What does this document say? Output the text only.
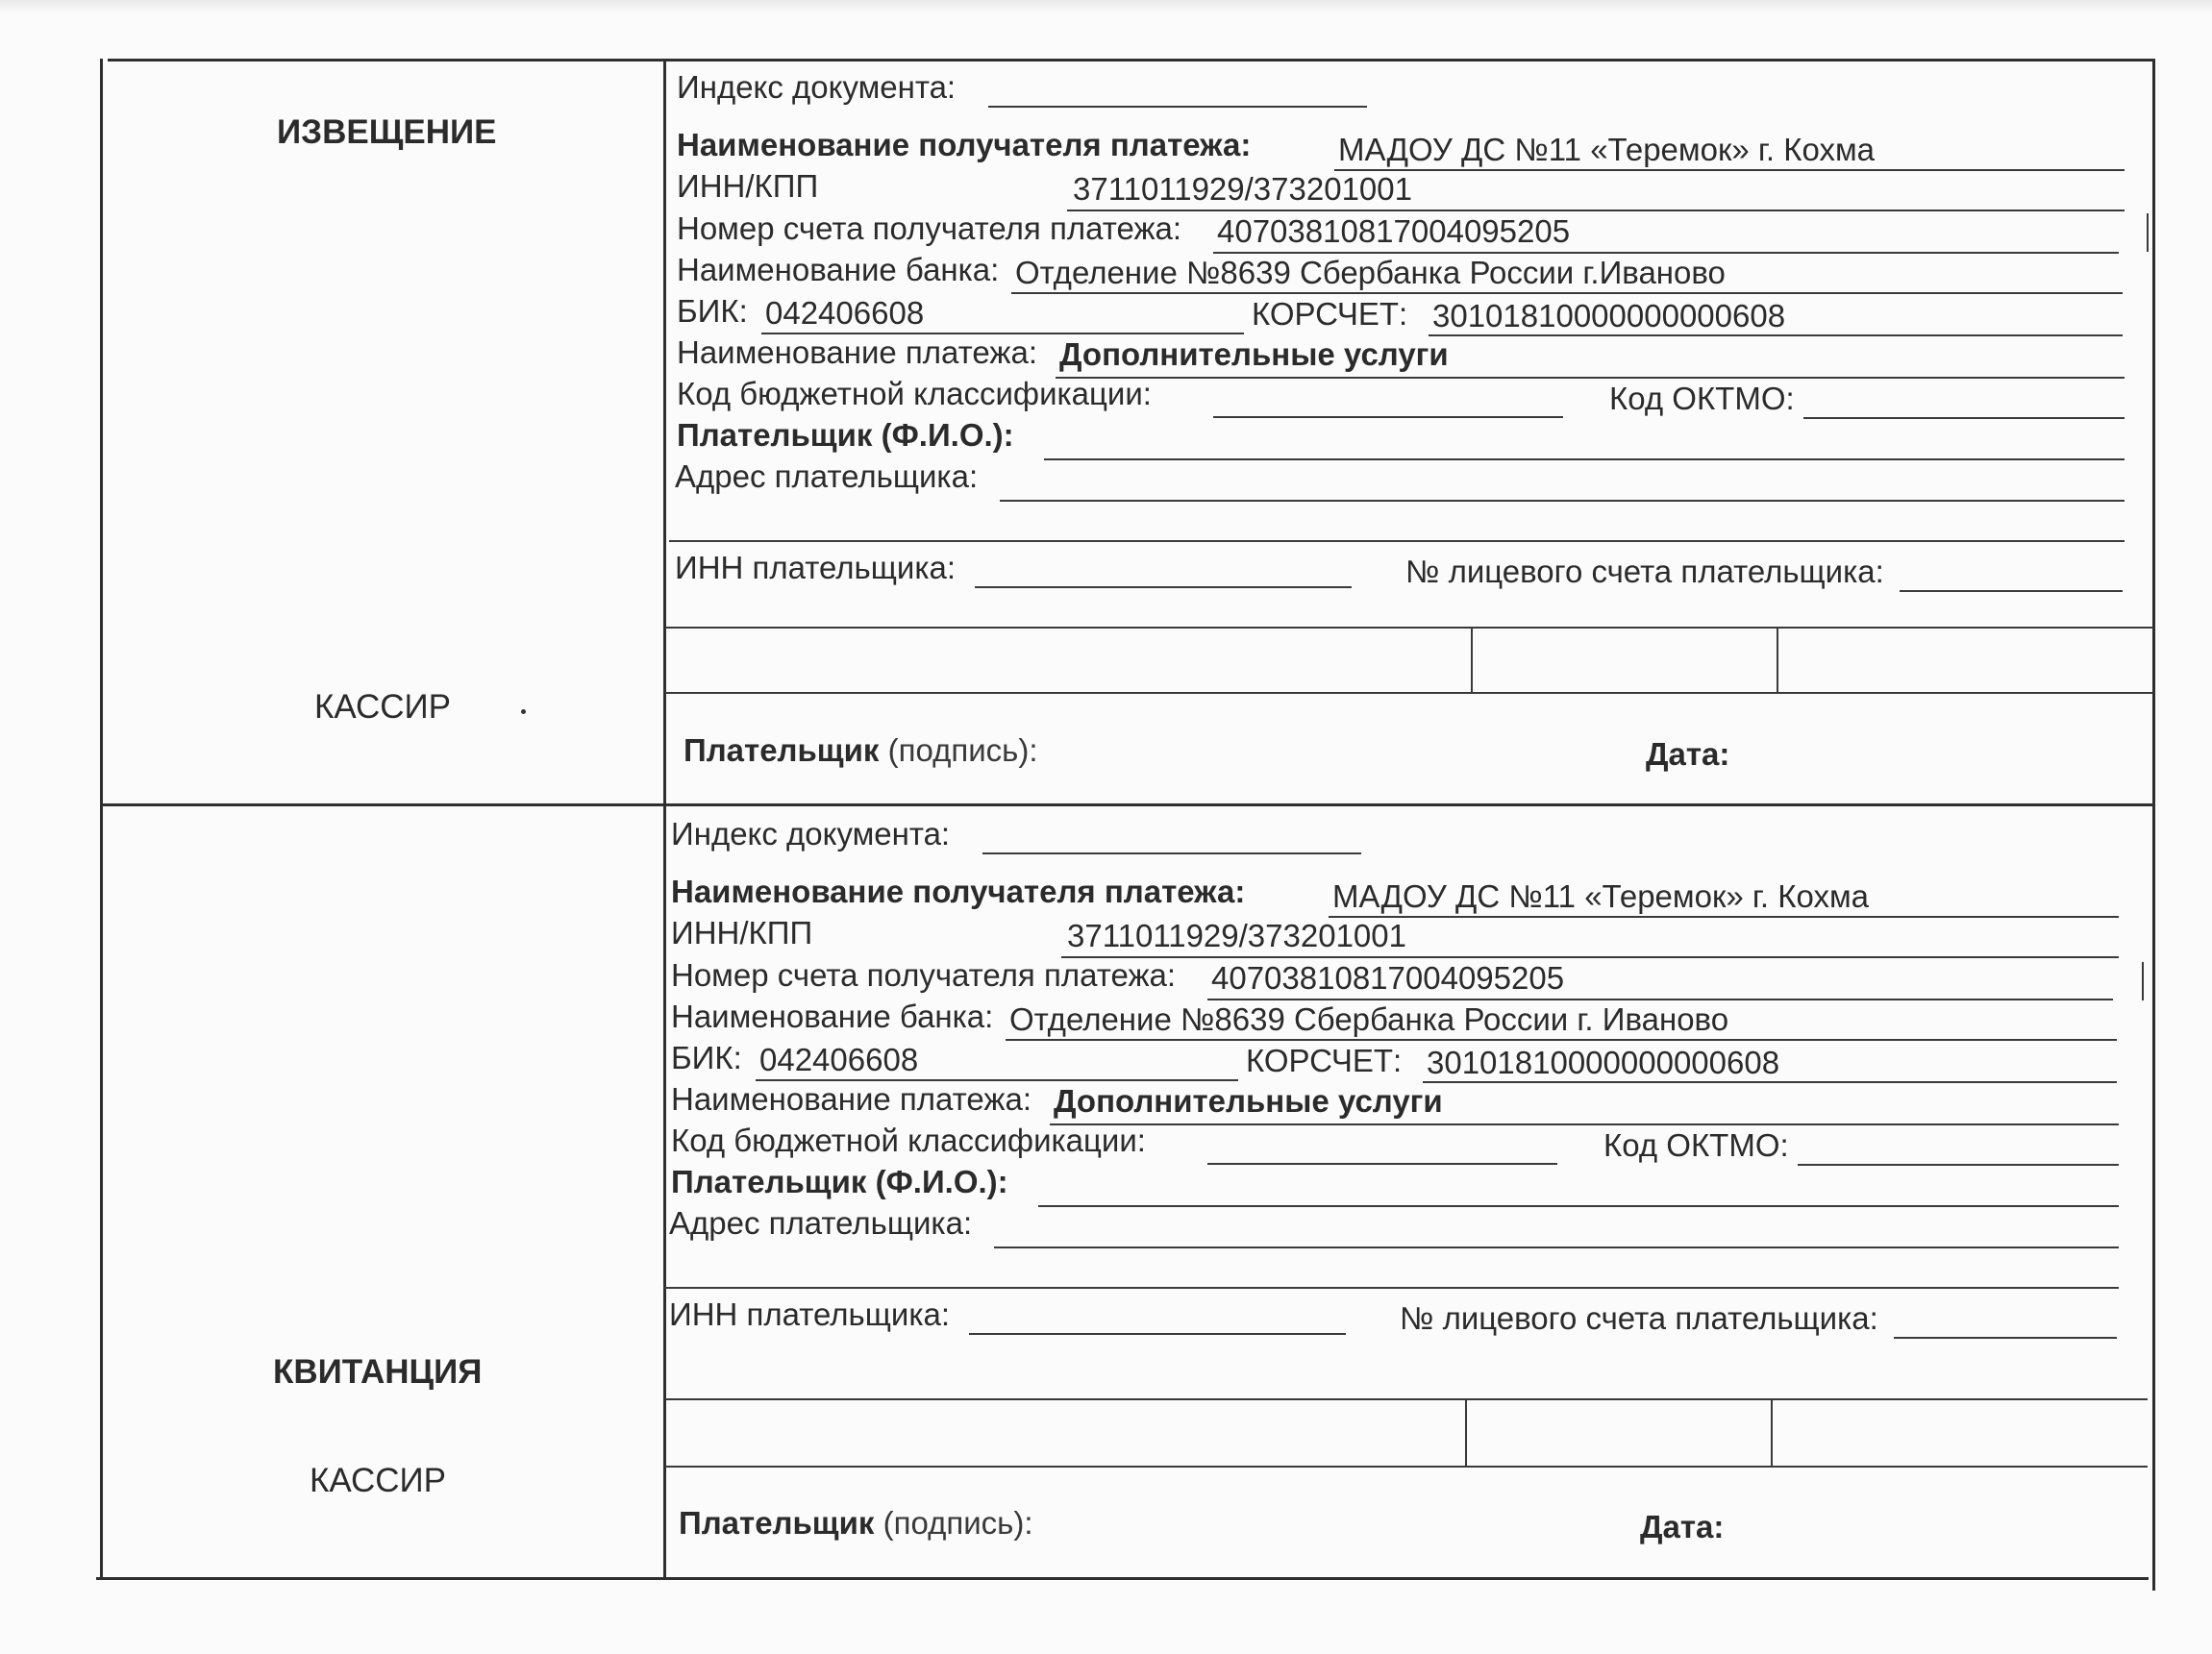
ИЗВЕЩЕНИЕ
КАССИР
Индекс документа:
Наименование получателя платежа:	МАДОУ ДС №11 «Теремок» г. Кохма
ИНН/КПП	3711011929/373201001
Номер счета получателя платежа: 40703810817004095205
Наименование банка: Отделение №8639 Сбербанка России г.Иваново
БИК: 042406608	КОРСЧЕТ: 30101810000000000608
Наименование платежа: Дополнительные услуги
Код бюджетной классификации:	Код ОКТМО:
Плательщик (Ф.И.О.):
Адрес плательщика:
ИНН плательщика:	№ лицевого счета плательщика:
Плательщик (подпись):	Дата:
КВИТАНЦИЯ
КАССИР
Индекс документа:
Наименование получателя платежа:	МАДОУ ДС №11 «Теремок» г. Кохма
ИНН/КПП	3711011929/373201001
Номер счета получателя платежа: 40703810817004095205
Наименование банка: Отделение №8639 Сбербанка России г. Иваново
БИК: 042406608	КОРСЧЕТ: 30101810000000000608
Наименование платежа: Дополнительные услуги
Код бюджетной классификации:	Код ОКТМО:
Плательщик (Ф.И.О.):
Адрес плательщика:
ИНН плательщика:	№ лицевого счета плательщика:
Плательщик (подпись):	Дата:
